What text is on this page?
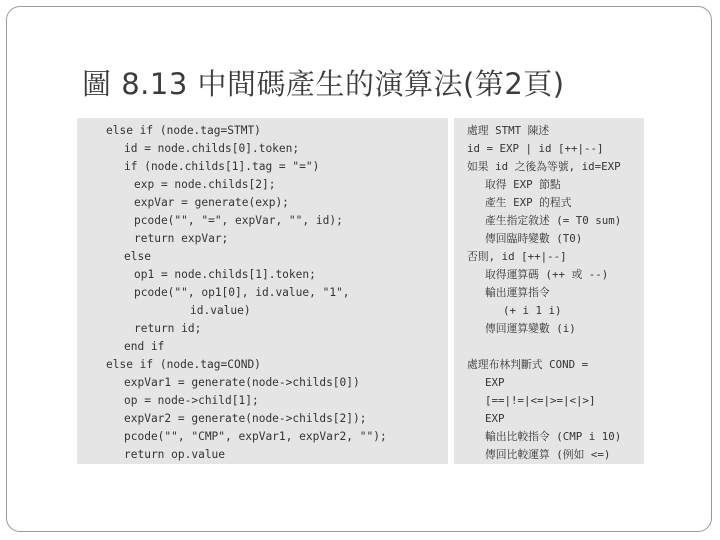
圖 8.13 中間碼產生的演算法(第2頁)
else if (node.tag=STMT)
id = node.childs[0].token;
if (node.childs[1].tag = "=")
exp = node.childs[2];
expVar = generate(exp);
pcode("", "=", expVar, "", id);
return expVar;
else
op1 = node.childs[1].token;
pcode("", op1[0], id.value, "1",
id.value)
return id;
end if
else if (node.tag=COND)
expVar1 = generate(node->childs[0])
op = node->child[1];
expVar2 = generate(node->childs[2]);
pcode("", "CMP", expVar1, expVar2, "");
return op.value
處理 STMT 陳述
id = EXP | id [++|--]
如果 id 之後為等號, id=EXP
取得 EXP 節點
產生 EXP 的程式
產生指定敘述 (= T0 sum)
傳回臨時變數 (T0)
否則, id [++|--]
取得運算碼 (++ 或 --)
輸出運算指令
(+ i 1 i)
傳回運算變數 (i)
處理布林判斷式 COND =
EXP
[==|!=|<=|>=|<|>]
EXP
輸出比較指令 (CMP i 10)
傳回比較運算 (例如 <=)
